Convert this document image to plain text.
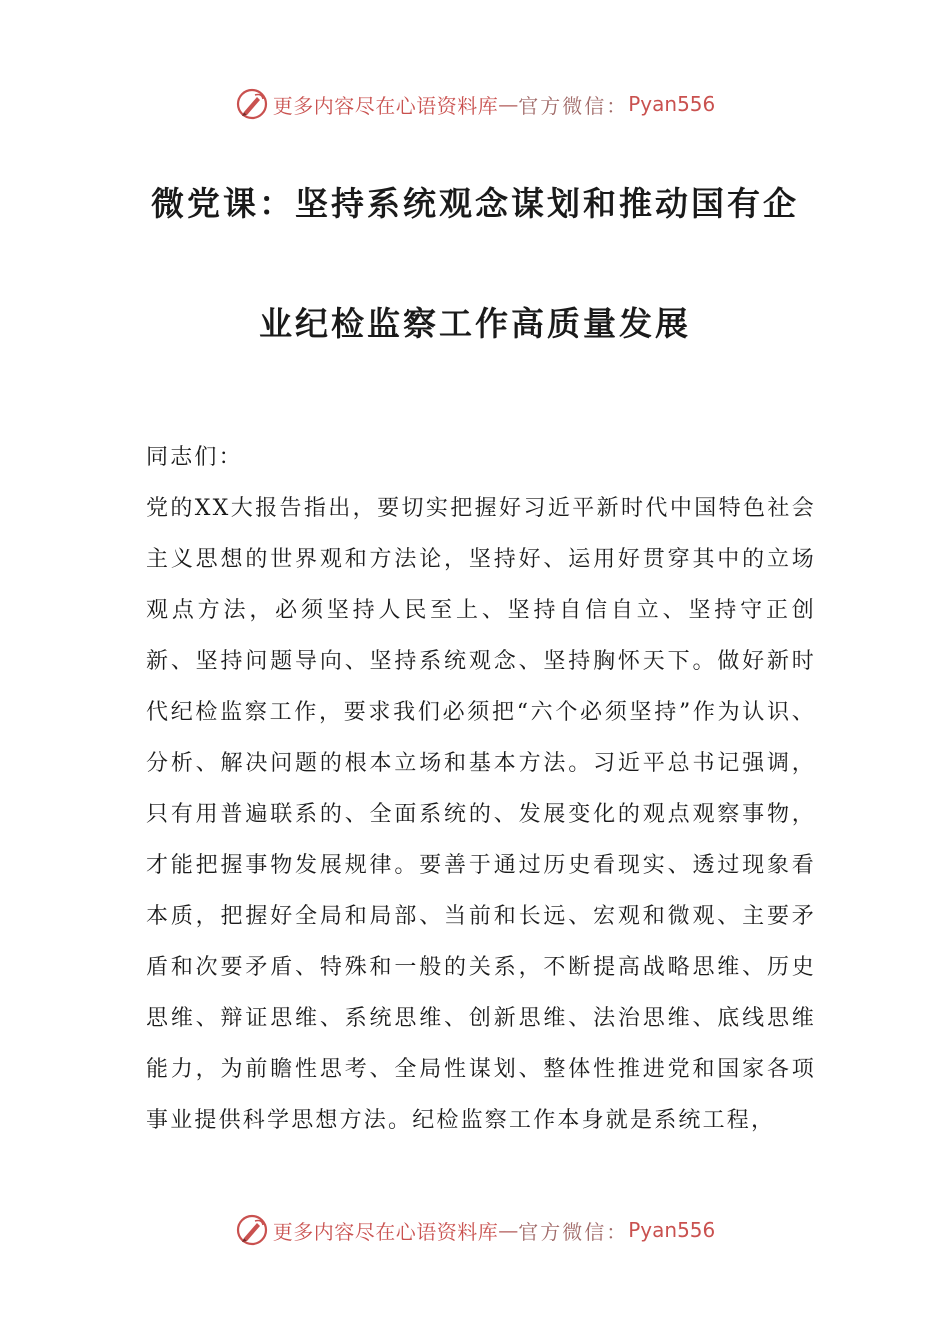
更多内容尽在心语资料库 — 官方微信： Pyan556
微党课：坚持系统观念谋划和推动国有企
业纪检监察工作高质量发展

同志们：

党的XX大报告指出，要切实把握好习近平新时代中国特色社会主义思想的世界观和方法论，坚持好、运用好贯穿其中的立场观点方法，必须坚持人民至上、坚持自信自立、坚持守正创新、坚持问题导向、坚持系统观念、坚持胸怀天下。做好新时代纪检监察工作，要求我们必须把“六个必须坚持”作为认识、分析、解决问题的根本立场和基本方法。习近平总书记强调，只有用普遍联系的、全面系统的、发展变化的观点观察事物，才能把握事物发展规律。要善于通过历史看现实、透过现象看本质，把握好全局和局部、当前和长远、宏观和微观、主要矛盾和次要矛盾、特殊和一般的关系，不断提高战略思维、历史思维、辩证思维、系统思维、创新思维、法治思维、底线思维能力，为前瞻性思考、全局性谋划、整体性推进党和国家各项事业提供科学思想方法。纪检监察工作本身就是系统工程，

更多内容尽在心语资料库 — 官方微信： Pyan556
